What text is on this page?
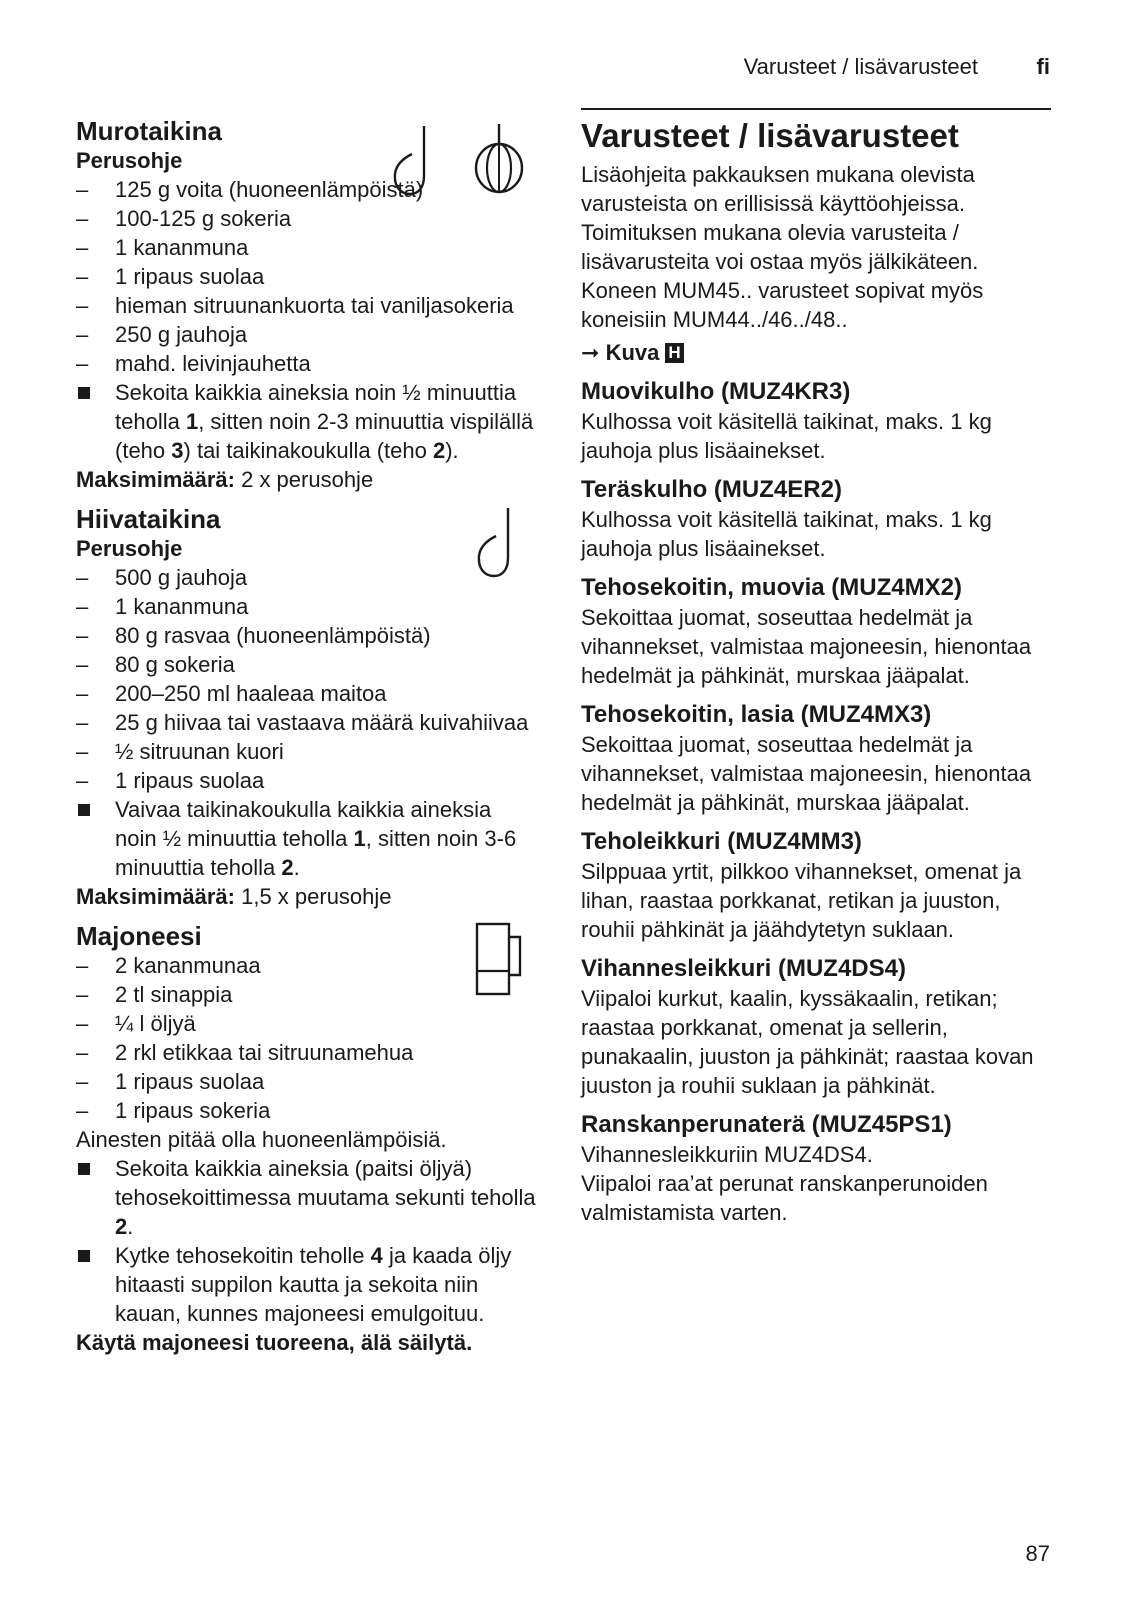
Varusteet / lisävarusteet	fi
Murotaikina
Perusohje
–	125 g voita (huoneenlämpöistä)
–	100-125 g sokeria
–	1 kananmuna
–	1 ripaus suolaa
–	hieman sitruunankuorta tai vaniljasokeria
–	250 g jauhoja
–	mahd. leivinjauhetta
Sekoita kaikkia aineksia noin ½ minuuttia teholla 1, sitten noin 2-3 minuuttia vispilällä (teho 3) tai taikinakoukulla (teho 2).

Maksimimäärä: 2 x perusohje

Hiivataikina
Perusohje
–	500 g jauhoja
–	1 kananmuna
–	80 g rasvaa (huoneenlämpöistä)
–	80 g sokeria
–	200–250 ml haaleaa maitoa
–	25 g hiivaa tai vastaava määrä kuivahiivaa
–	½ sitruunan kuori
–	1 ripaus suolaa
Vaivaa taikinakoukulla kaikkia aineksia noin ½ minuuttia teholla 1, sitten noin 3-6 minuuttia teholla 2.

Maksimimäärä: 1,5 x perusohje

Majoneesi
–	2 kananmunaa
–	2 tl sinappia
–	¼ l öljyä
–	2 rkl etikkaa tai sitruunamehua
–	1 ripaus suolaa
–	1 ripaus sokeria

Ainesten pitää olla huoneenlämpöisiä.

Sekoita kaikkia aineksia (paitsi öljyä) tehosekoittimessa muutama sekunti teholla 2.
Kytke tehosekoitin teholle 4 ja kaada öljy hitaasti suppilon kautta ja sekoita niin kauan, kunnes majoneesi emulgoituu.

Käytä majoneesi tuoreena, älä säilytä.

Varusteet / lisävarusteet

Lisäohjeita pakkauksen mukana olevista varusteista on erillisissä käyttöohjeissa. Toimituksen mukana olevia varusteita / lisävarusteita voi ostaa myös jälkikäteen. Koneen MUM45.. varusteet sopivat myös koneisiin MUM44../46../48..

➞ Kuva H

Muovikulho (MUZ4KR3)

Kulhossa voit käsitellä taikinat, maks. 1 kg jauhoja plus lisäainekset.

Teräskulho (MUZ4ER2)

Kulhossa voit käsitellä taikinat, maks. 1 kg jauhoja plus lisäainekset.

Tehosekoitin, muovia (MUZ4MX2)

Sekoittaa juomat, soseuttaa hedelmät ja vihannekset, valmistaa majoneesin, hienontaa hedelmät ja pähkinät, murskaa jääpalat.

Tehosekoitin, lasia (MUZ4MX3)

Sekoittaa juomat, soseuttaa hedelmät ja vihannekset, valmistaa majoneesin, hienontaa hedelmät ja pähkinät, murskaa jääpalat.

Teholeikkuri (MUZ4MM3)

Silppuaa yrtit, pilkkoo vihannekset, omenat ja lihan, raastaa porkkanat, retikan ja juuston, rouhii pähkinät ja jäähdytetyn suklaan.

Vihannesleikkuri (MUZ4DS4)

Viipaloi kurkut, kaalin, kyssäkaalin, retikan; raastaa porkkanat, omenat ja sellerin, punakaalin, juuston ja pähkinät; raastaa kovan juuston ja rouhii suklaan ja pähkinät.

Ranskanperunaterä (MUZ45PS1)

Vihannesleikkuriin MUZ4DS4.

Viipaloi raa’at perunat ranskanperunoiden valmistamista varten.

87
